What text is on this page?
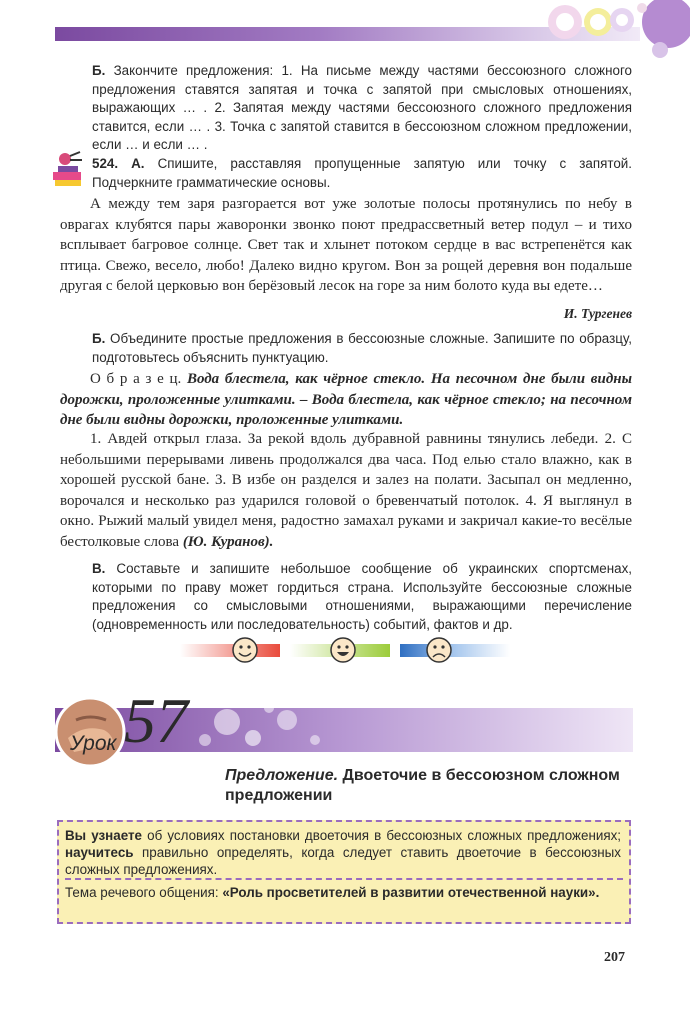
Б. Закончите предложения: 1. На письме между частями бессоюзного сложного предложения ставятся запятая и точка с запятой при смысловых отношениях, выражающих … . 2. Запятая между частями бессоюзного сложного предложения ставится, если … . 3. Точка с запятой ставится в бессоюзном сложном предложении, если … и если … .

524. А. Спишите, расставляя пропущенные запятую или точку с запятой. Подчеркните грамматические основы.

А между тем заря разгорается вот уже золотые полосы протянулись по небу в оврагах клубятся пары жаворонки звонко поют предрассветный ветер подул – и тихо всплывает багровое солнце. Свет так и хлынет потоком сердце в вас встрепенётся как птица. Свежо, весело, любо! Далеко видно кругом. Вон за рощей деревня вон подальше другая с белой церковью вон берёзовый лесок на горе за ним болото куда вы едете…

И. Тургенев

Б. Объедините простые предложения в бессоюзные сложные. Запишите по образцу, подготовьтесь объяснить пунктуацию.

О б р а з е ц. Вода блестела, как чёрное стекло. На песочном дне были видны дорожки, проложенные улитками. – Вода блестела, как чёрное стекло; на песочном дне были видны дорожки, проложенные улитками.

1. Авдей открыл глаза. За рекой вдоль дубравной равнины тянулись лебеди. 2. С небольшими перерывами ливень продолжался два часа. Под елью стало влажно, как в хорошей русской бане. 3. В избе он разделся и залез на полати. Засыпал он медленно, ворочался и несколько раз ударился головой о бревенчатый потолок. 4. Я выглянул в окно. Рыжий малый увидел меня, радостно замахал руками и закричал какие-то весёлые бестолковые слова (Ю. Куранов).

В. Составьте и запишите небольшое сообщение об украинских спортсменах, которыми по праву может гордиться страна. Используйте бессоюзные сложные предложения со смысловыми отношениями, выражающими перечисление (одновременность или последовательность) событий, фактов и др.

Урок 57
Предложение. Двоеточие в бессоюзном сложном предложении

Вы узнаете об условиях постановки двоеточия в бессоюзных сложных предложениях; научитесь правильно определять, когда следует ставить двоеточие в бессоюзных сложных предложениях.

Тема речевого общения: «Роль просветителей в развитии отечественной науки».

207
